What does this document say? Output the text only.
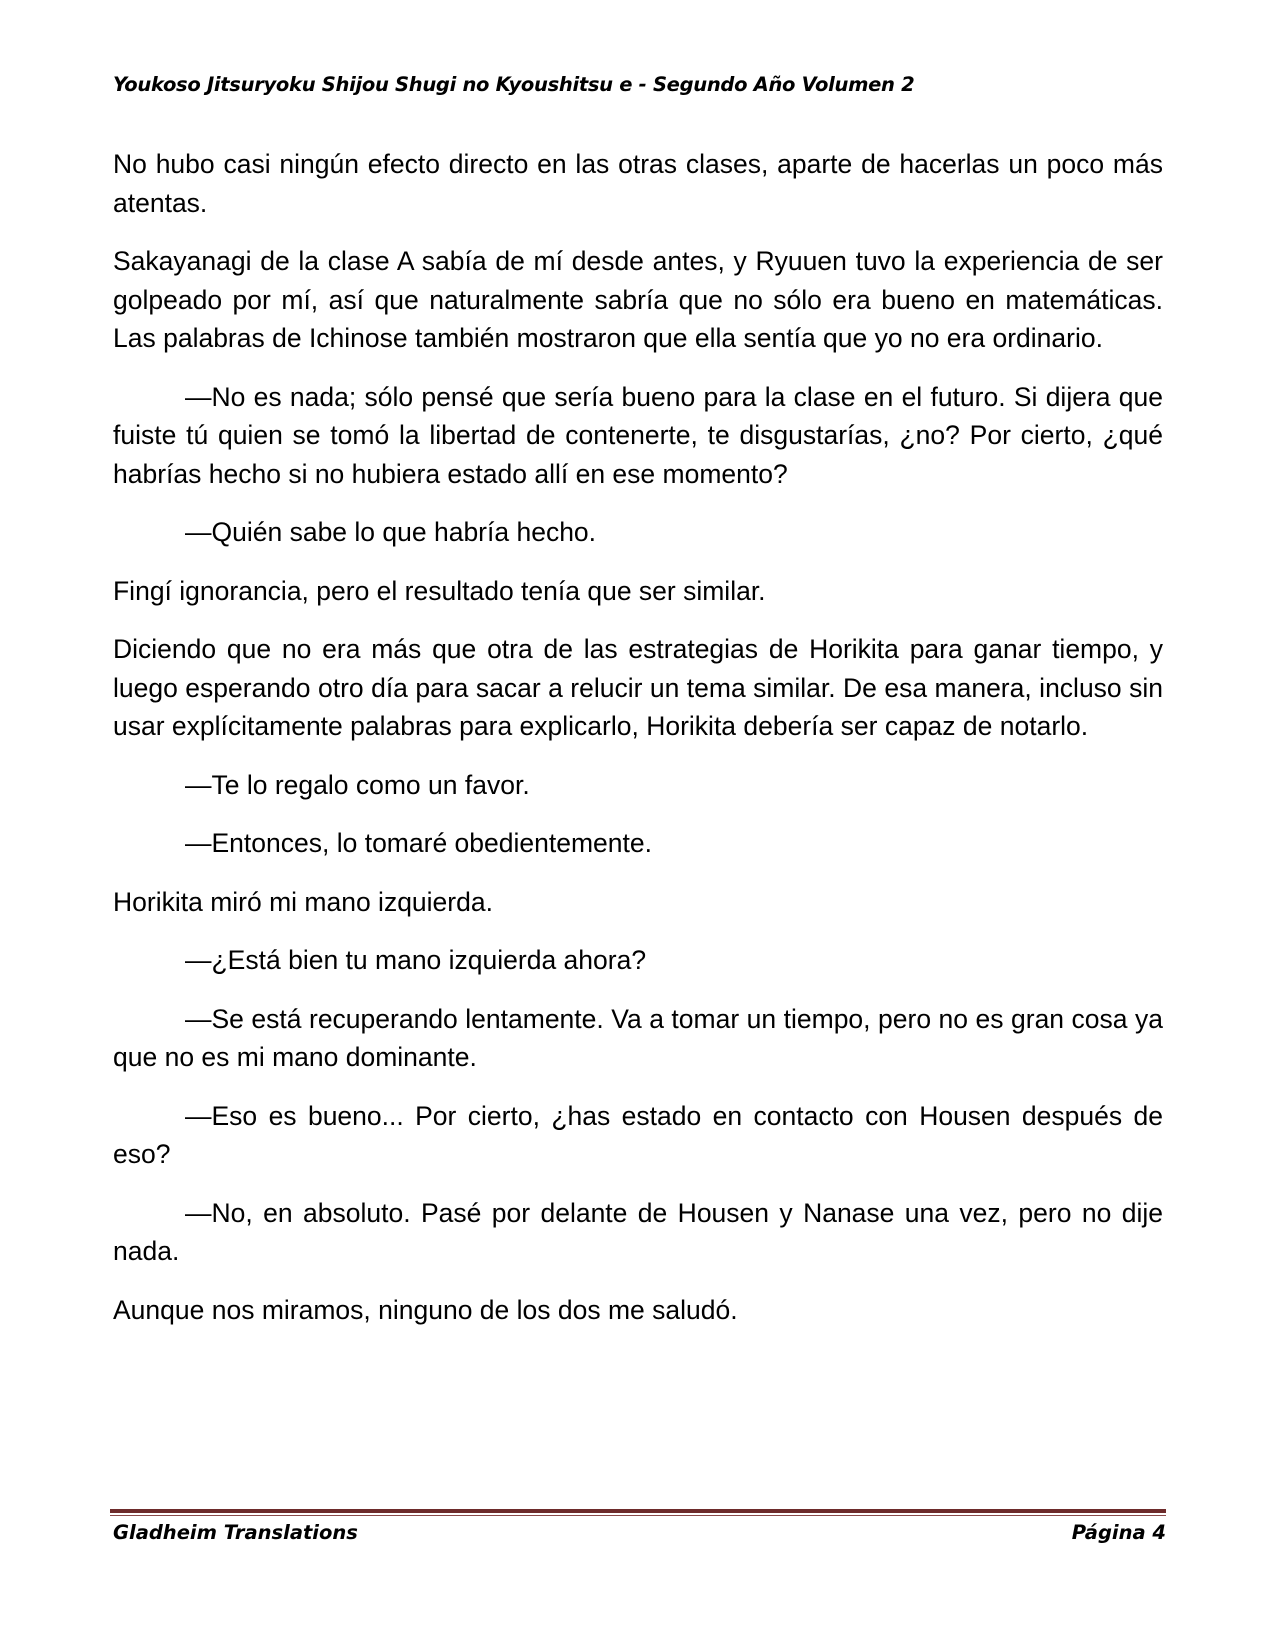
Youkoso Jitsuryoku Shijou Shugi no Kyoushitsu e - Segundo Año Volumen 2

No hubo casi ningún efecto directo en las otras clases, aparte de hacerlas un poco más atentas.

Sakayanagi de la clase A sabía de mí desde antes, y Ryuuen tuvo la experiencia de ser golpeado por mí, así que naturalmente sabría que no sólo era bueno en matemáticas. Las palabras de Ichinose también mostraron que ella sentía que yo no era ordinario.

—No es nada; sólo pensé que sería bueno para la clase en el futuro. Si dijera que fuiste tú quien se tomó la libertad de contenerte, te disgustarías, ¿no? Por cierto, ¿qué habrías hecho si no hubiera estado allí en ese momento?

—Quién sabe lo que habría hecho.

Fingí ignorancia, pero el resultado tenía que ser similar.

Diciendo que no era más que otra de las estrategias de Horikita para ganar tiempo, y luego esperando otro día para sacar a relucir un tema similar. De esa manera, incluso sin usar explícitamente palabras para explicarlo, Horikita debería ser capaz de notarlo.

—Te lo regalo como un favor.

—Entonces, lo tomaré obedientemente.

Horikita miró mi mano izquierda.

—¿Está bien tu mano izquierda ahora?

—Se está recuperando lentamente. Va a tomar un tiempo, pero no es gran cosa ya que no es mi mano dominante.

—Eso es bueno... Por cierto, ¿has estado en contacto con Housen después de eso?

—No, en absoluto. Pasé por delante de Housen y Nanase una vez, pero no dije nada.

Aunque nos miramos, ninguno de los dos me saludó.

Gladheim Translations	Página 4
